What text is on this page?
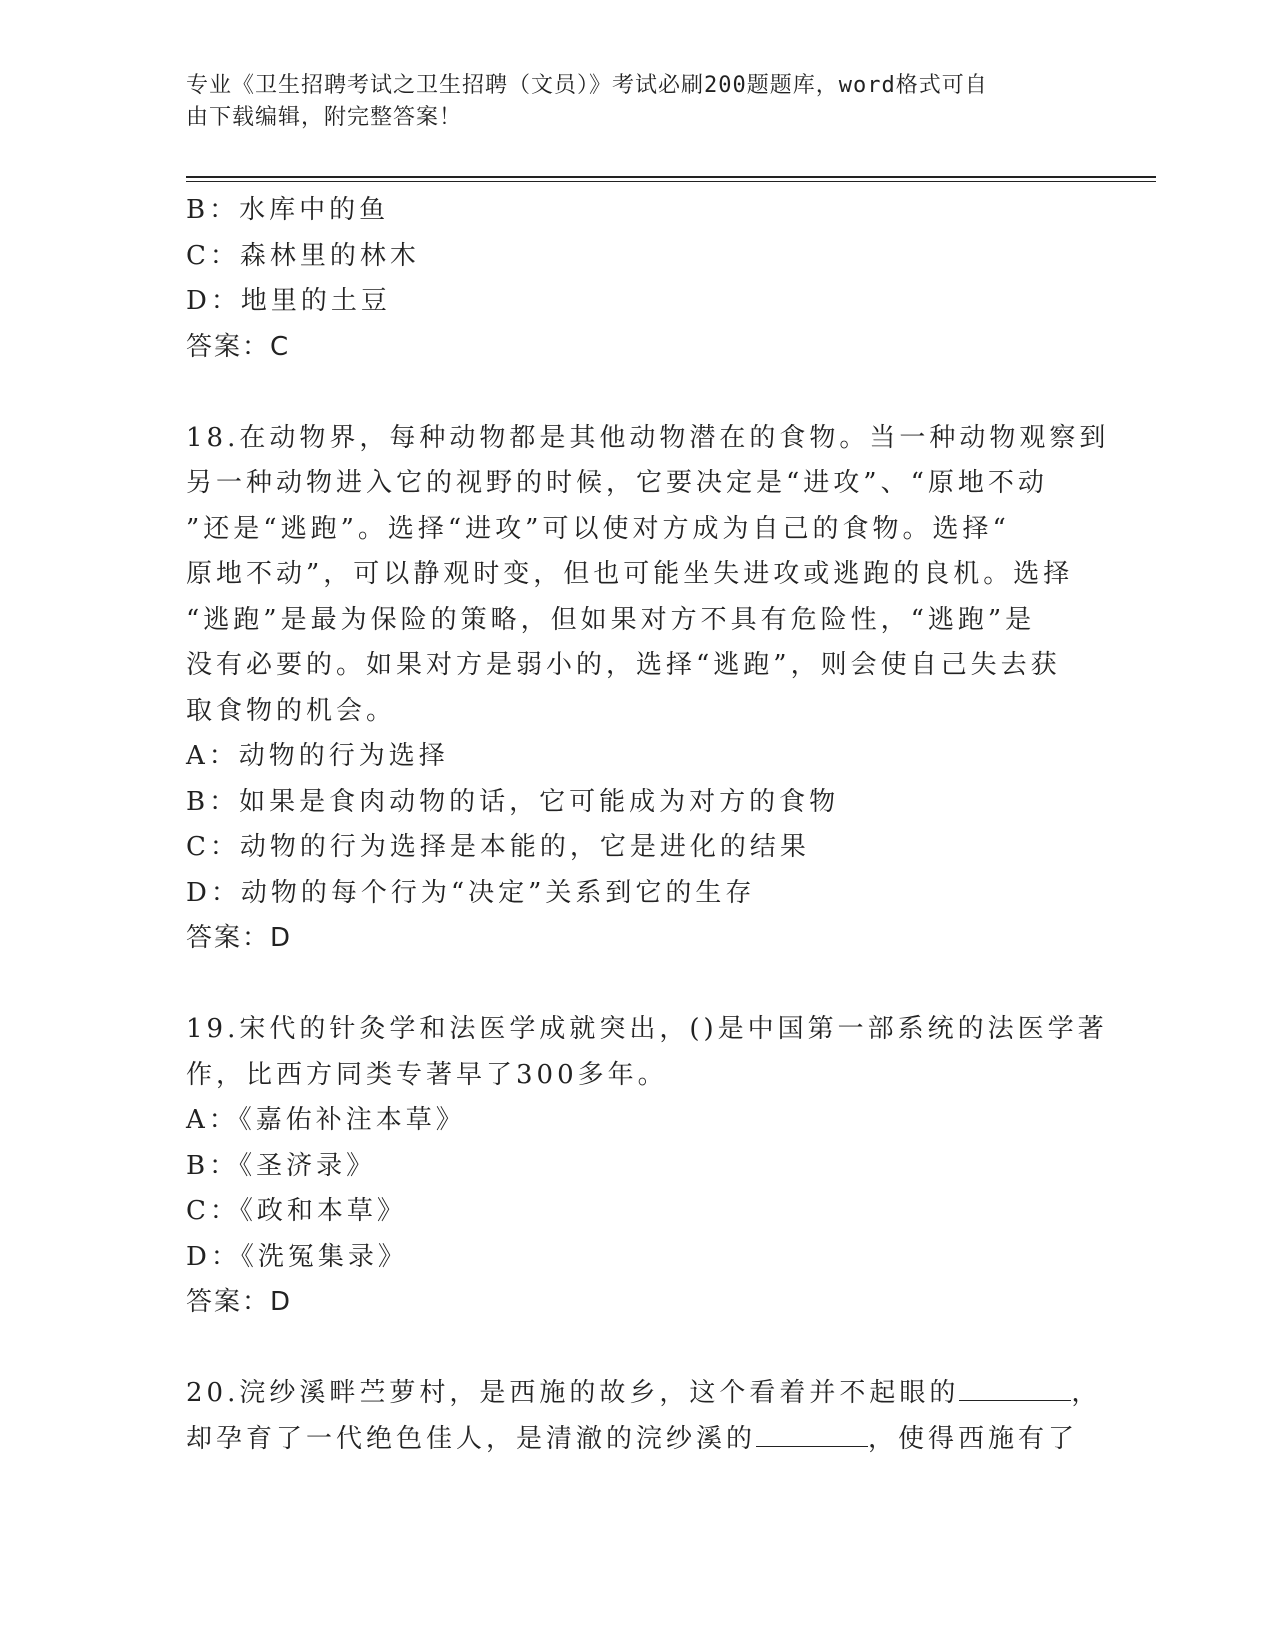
专业《卫生招聘考试之卫生招聘（文员）》考试必刷200题题库，word格式可自
由下载编辑，附完整答案！
B：水库中的鱼
C：森林里的林木
D：地里的土豆
答案：C
18.在动物界，每种动物都是其他动物潜在的食物。当一种动物观察到
另一种动物进入它的视野的时候，它要决定是“进攻”、“原地不动
”还是“逃跑”。选择“进攻”可以使对方成为自己的食物。选择“
原地不动”，可以静观时变，但也可能坐失进攻或逃跑的良机。选择
“逃跑”是最为保险的策略，但如果对方不具有危险性，“逃跑”是
没有必要的。如果对方是弱小的，选择“逃跑”，则会使自己失去获
取食物的机会。
A：动物的行为选择
B：如果是食肉动物的话，它可能成为对方的食物
C：动物的行为选择是本能的，它是进化的结果
D：动物的每个行为“决定”关系到它的生存
答案：D
19.宋代的针灸学和法医学成就突出，()是中国第一部系统的法医学著
作，比西方同类专著早了300多年。
A：《嘉佑补注本草》
B：《圣济录》
C：《政和本草》
D：《洗冤集录》
答案：D
20.浣纱溪畔苎萝村，是西施的故乡，这个看着并不起眼的	，
却孕育了一代绝色佳人，是清澈的浣纱溪的	，使得西施有了
